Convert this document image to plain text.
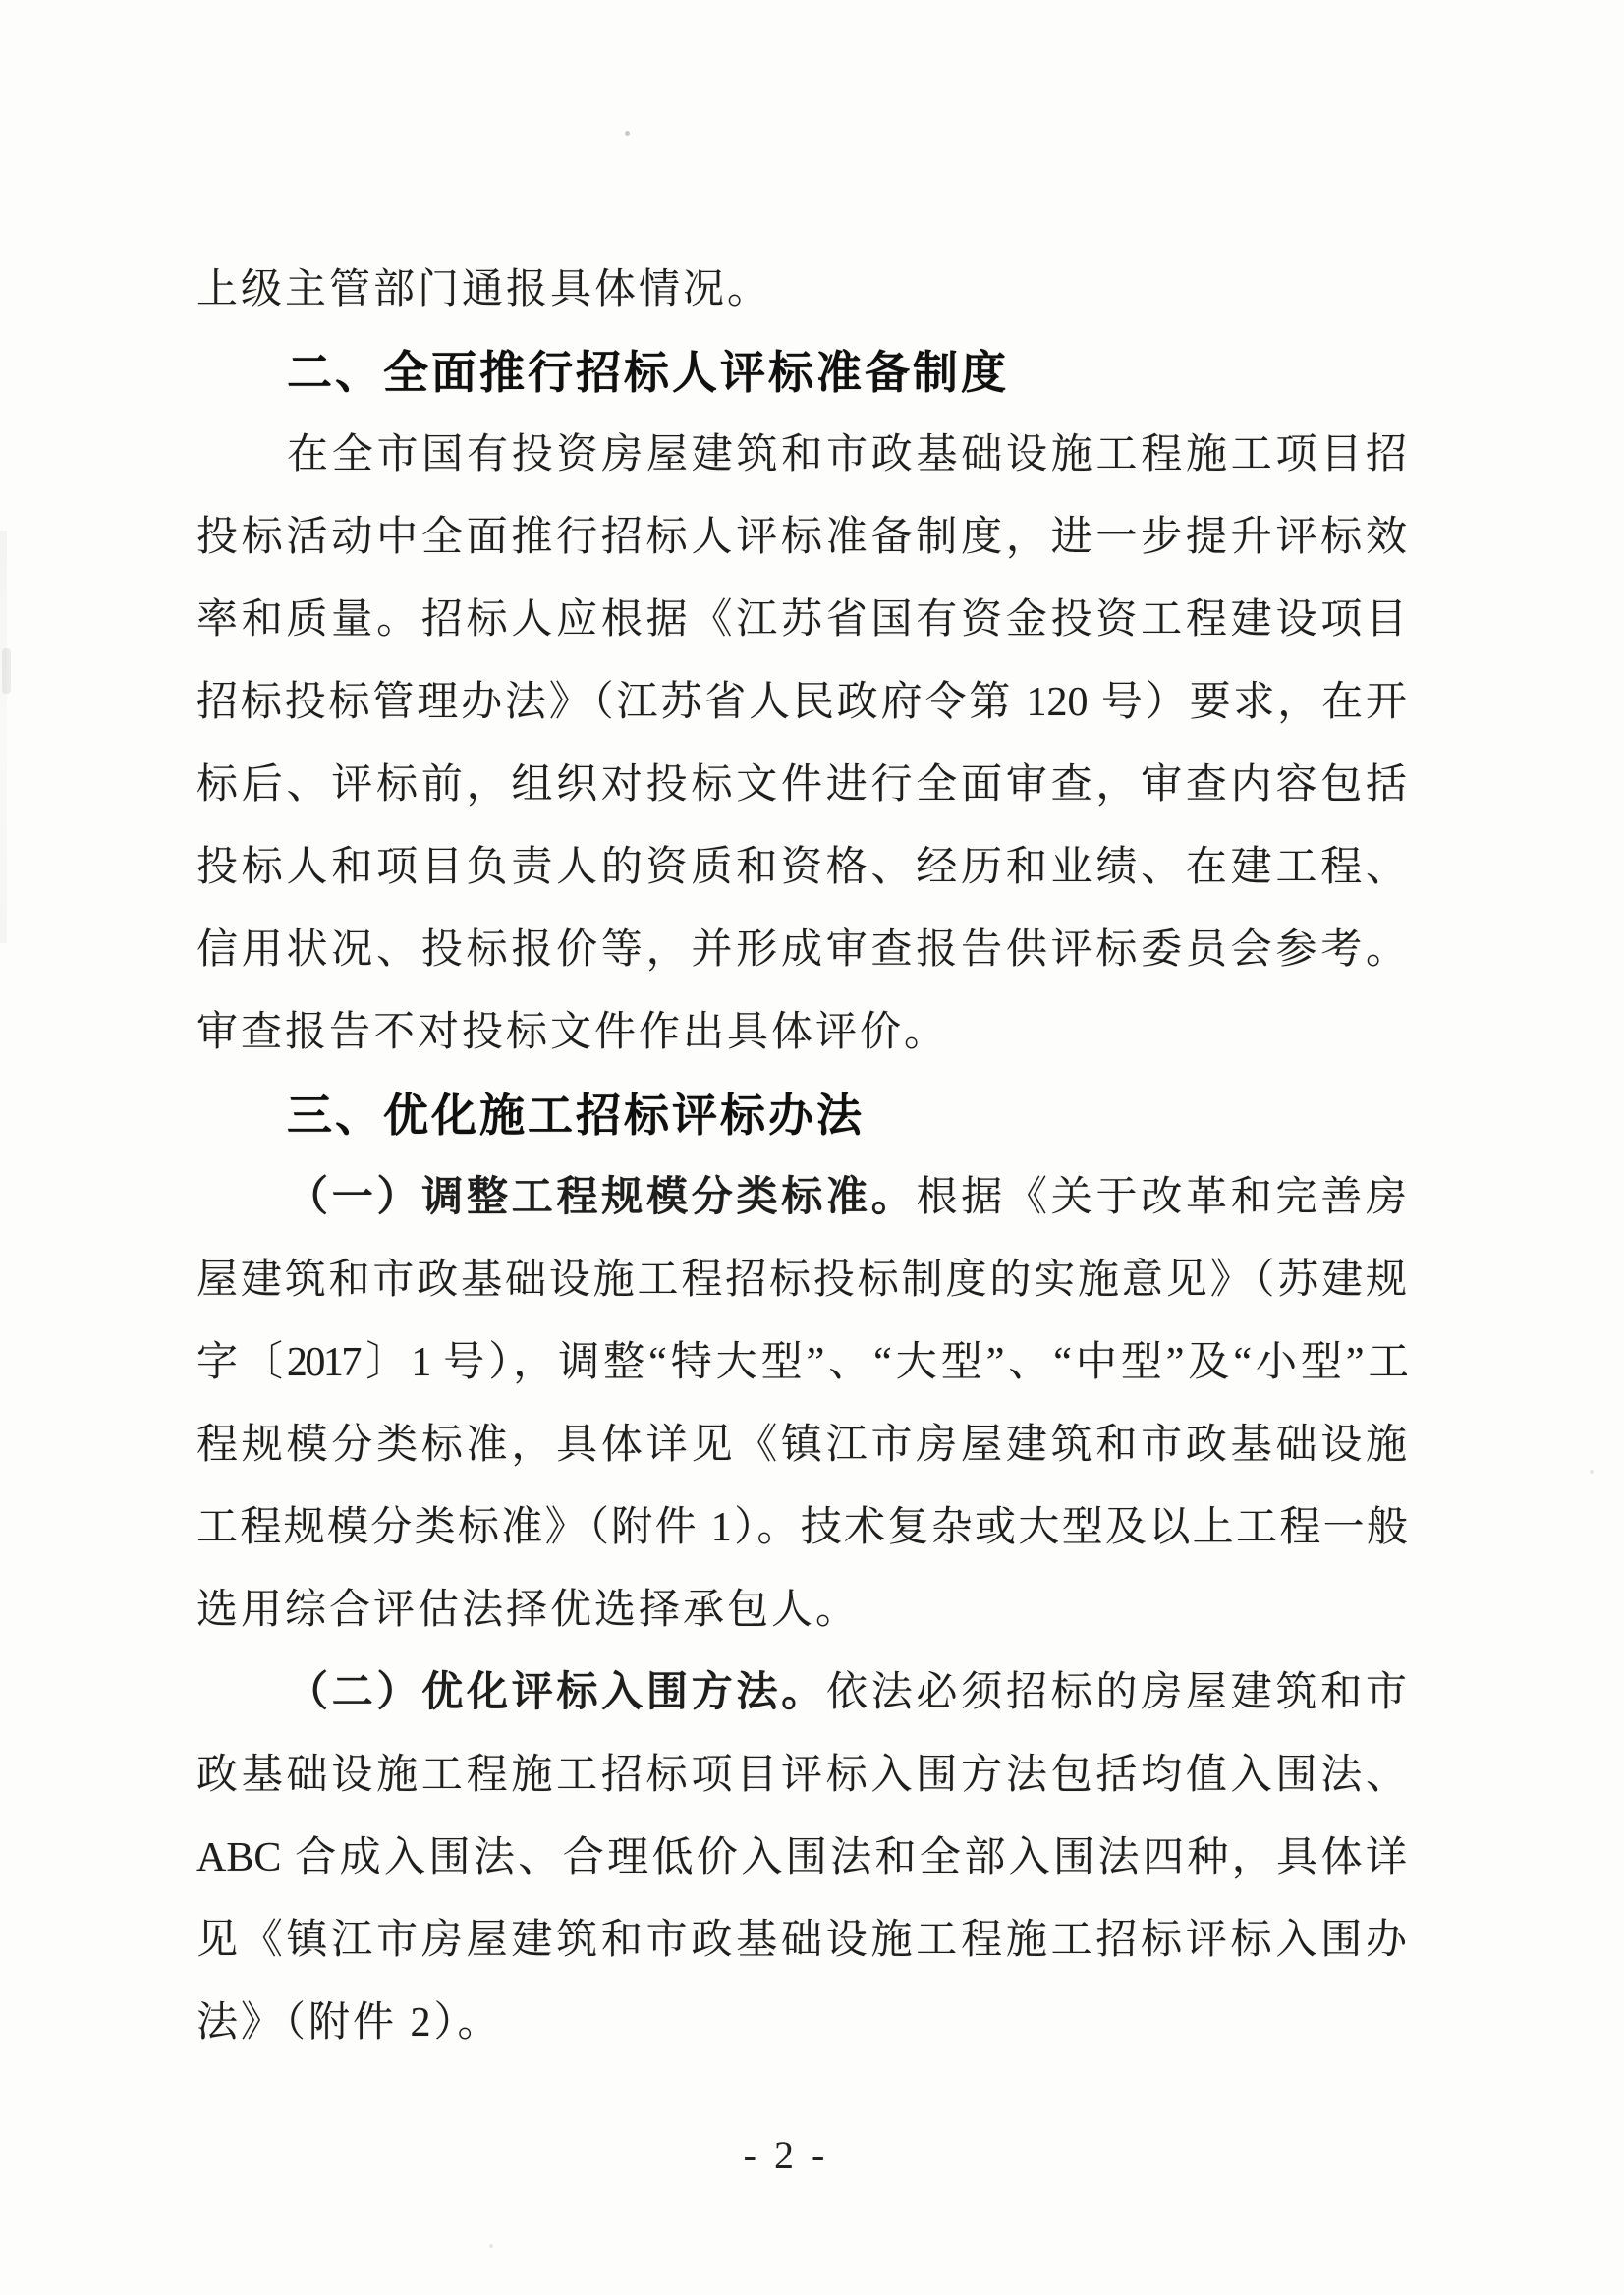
上级主管部门通报具体情况。
二、全面推行招标人评标准备制度
在全市国有投资房屋建筑和市政基础设施工程施工项目招
投标活动中全面推行招标人评标准备制度，进一步提升评标效
率和质量。招标人应根据《江苏省国有资金投资工程建设项目
招标投标管理办法》（江苏省人民政府令第 120 号）要求，在开
标后、评标前，组织对投标文件进行全面审查，审查内容包括
投标人和项目负责人的资质和资格、经历和业绩、在建工程、
信用状况、投标报价等，并形成审查报告供评标委员会参考。
审查报告不对投标文件作出具体评价。
三、优化施工招标评标办法
（一）调整工程规模分类标准。根据《关于改革和完善房
屋建筑和市政基础设施工程招标投标制度的实施意见》（苏建规
字〔2017〕1 号），调整“特大型”、“大型”、“中型”及“小型”工
程规模分类标准，具体详见《镇江市房屋建筑和市政基础设施
工程规模分类标准》（附件 1）。技术复杂或大型及以上工程一般
选用综合评估法择优选择承包人。
（二）优化评标入围方法。依法必须招标的房屋建筑和市
政基础设施工程施工招标项目评标入围方法包括均值入围法、
ABC 合成入围法、合理低价入围法和全部入围法四种，具体详
见《镇江市房屋建筑和市政基础设施工程施工招标评标入围办
法》（附件 2）。
- 2 -
